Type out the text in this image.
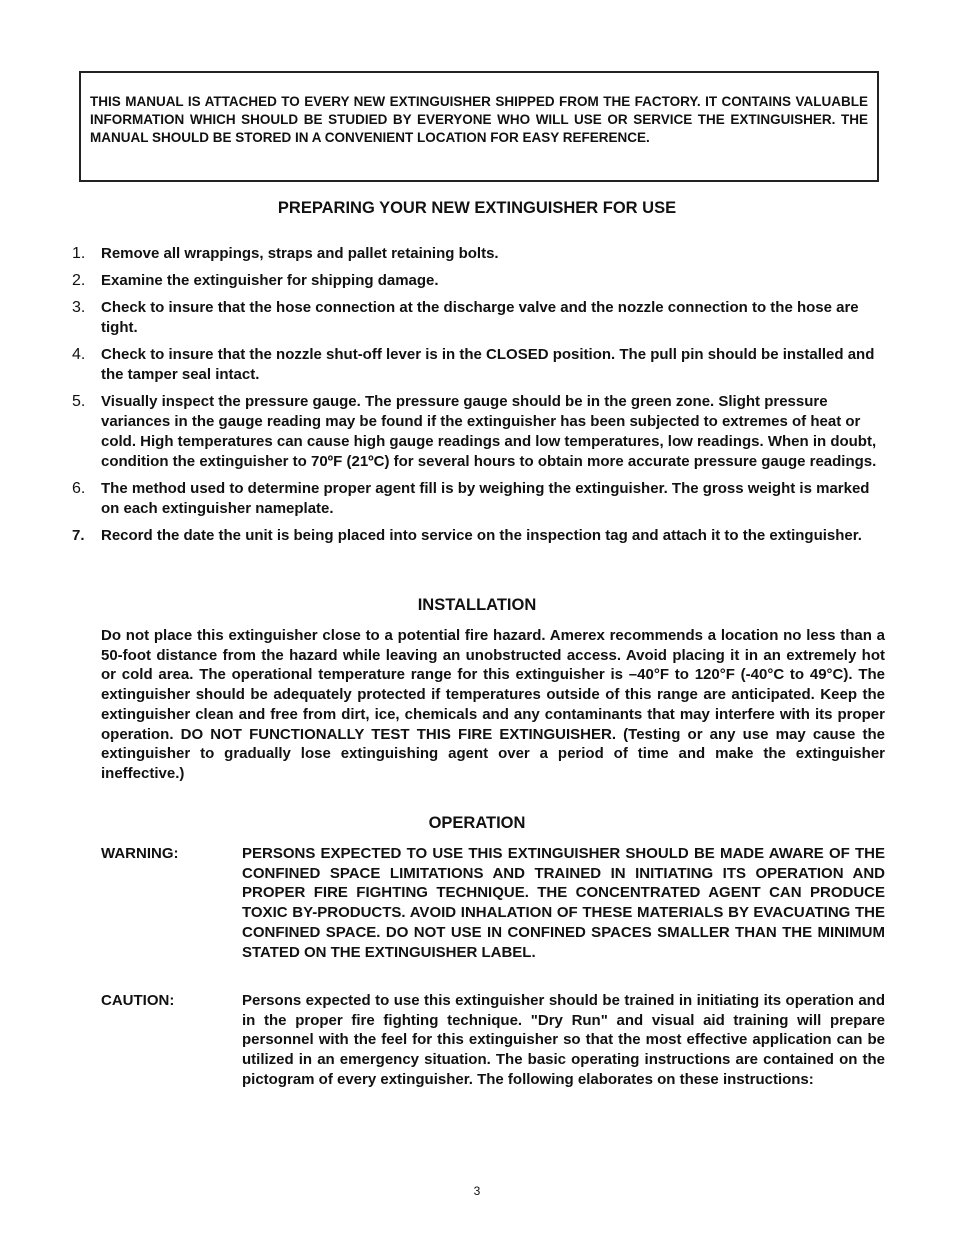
THIS MANUAL IS ATTACHED TO EVERY NEW EXTINGUISHER SHIPPED FROM THE FACTORY. IT CONTAINS VALUABLE INFORMATION WHICH SHOULD BE STUDIED BY EVERYONE WHO WILL USE OR SERVICE THE EXTINGUISHER. THE MANUAL SHOULD BE STORED IN A CONVENIENT LOCATION FOR EASY REFERENCE.
PREPARING YOUR NEW EXTINGUISHER FOR USE
1.	Remove all wrappings, straps and pallet retaining bolts.
2.	Examine the extinguisher for shipping damage.
3.	Check to insure that the hose connection at the discharge valve and the nozzle connection to the hose are tight.
4.	Check to insure that the nozzle shut-off lever is in the CLOSED position. The pull pin should be installed and the tamper seal intact.
5.	Visually inspect the pressure gauge. The pressure gauge should be in the green zone. Slight pressure variances in the gauge reading may be found if the extinguisher has been subjected to extremes of heat or cold. High temperatures can cause high gauge readings and low temperatures, low readings. When in doubt, condition the extinguisher to 70ºF (21ºC) for several hours to obtain more accurate pressure gauge readings.
6.	The method used to determine proper agent fill is by weighing the extinguisher. The gross weight is marked on each extinguisher nameplate.
7.	Record the date the unit is being placed into service on the inspection tag and attach it to the extinguisher.
INSTALLATION
Do not place this extinguisher close to a potential fire hazard. Amerex recommends a location no less than a 50-foot distance from the hazard while leaving an unobstructed access. Avoid placing it in an extremely hot or cold area. The operational temperature range for this extinguisher is –40°F to 120°F (-40°C to 49°C). The extinguisher should be adequately protected if temperatures outside of this range are anticipated. Keep the extinguisher clean and free from dirt, ice, chemicals and any contaminants that may interfere with its proper operation. DO NOT FUNCTIONALLY TEST THIS FIRE EXTINGUISHER. (Testing or any use may cause the extinguisher to gradually lose extinguishing agent over a period of time and make the extinguisher ineffective.)
OPERATION
WARNING:	PERSONS EXPECTED TO USE THIS EXTINGUISHER SHOULD BE MADE AWARE OF THE CONFINED SPACE LIMITATIONS AND TRAINED IN INITIATING ITS OPERATION AND PROPER FIRE FIGHTING TECHNIQUE. THE CONCENTRATED AGENT CAN PRODUCE TOXIC BY-PRODUCTS. AVOID INHALATION OF THESE MATERIALS BY EVACUATING THE CONFINED SPACE. DO NOT USE IN CONFINED SPACES SMALLER THAN THE MINIMUM STATED ON THE EXTINGUISHER LABEL.
CAUTION:	Persons expected to use this extinguisher should be trained in initiating its operation and in the proper fire fighting technique. "Dry Run" and visual aid training will prepare personnel with the feel for this extinguisher so that the most effective application can be utilized in an emergency situation. The basic operating instructions are contained on the pictogram of every extinguisher. The following elaborates on these instructions:
3
